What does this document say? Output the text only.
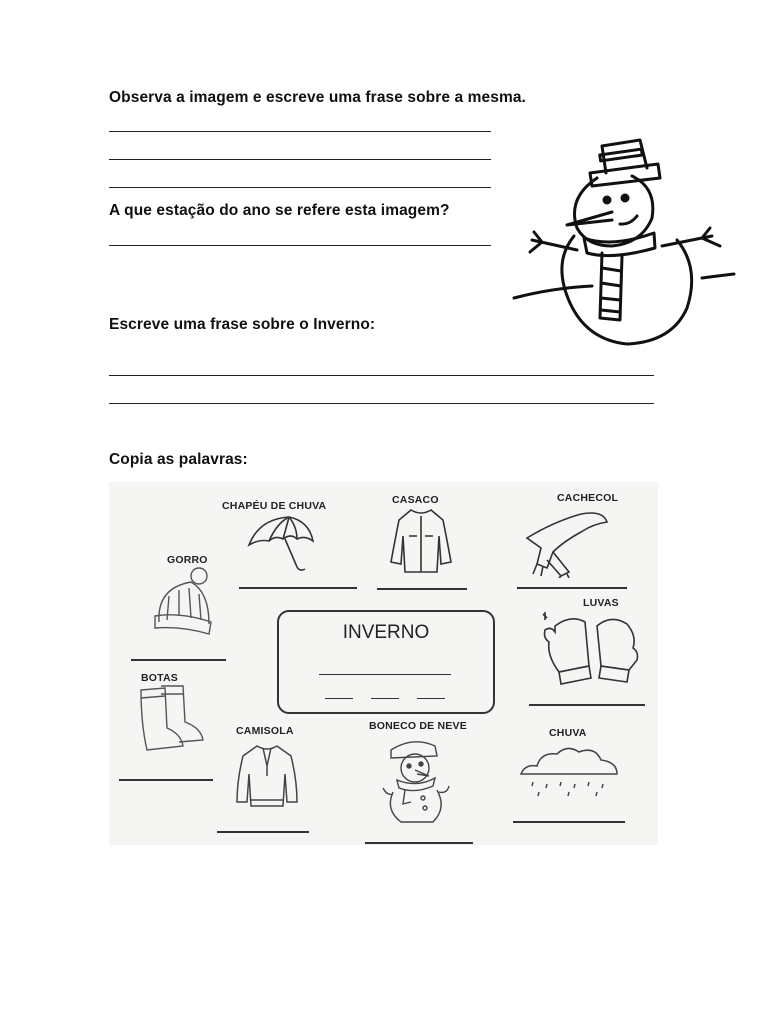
Observa a imagem e escreve uma frase sobre a mesma.

A que estação do ano se refere esta imagem?

Escreve uma frase sobre o Inverno:

Copia as palavras:

CHAPÉU DE CHUVA	CASACO	CACHECOL
GORRO
LUVAS
INVERNO
BOTAS
CAMISOLA	BONECO DE NEVE
CHUVA
